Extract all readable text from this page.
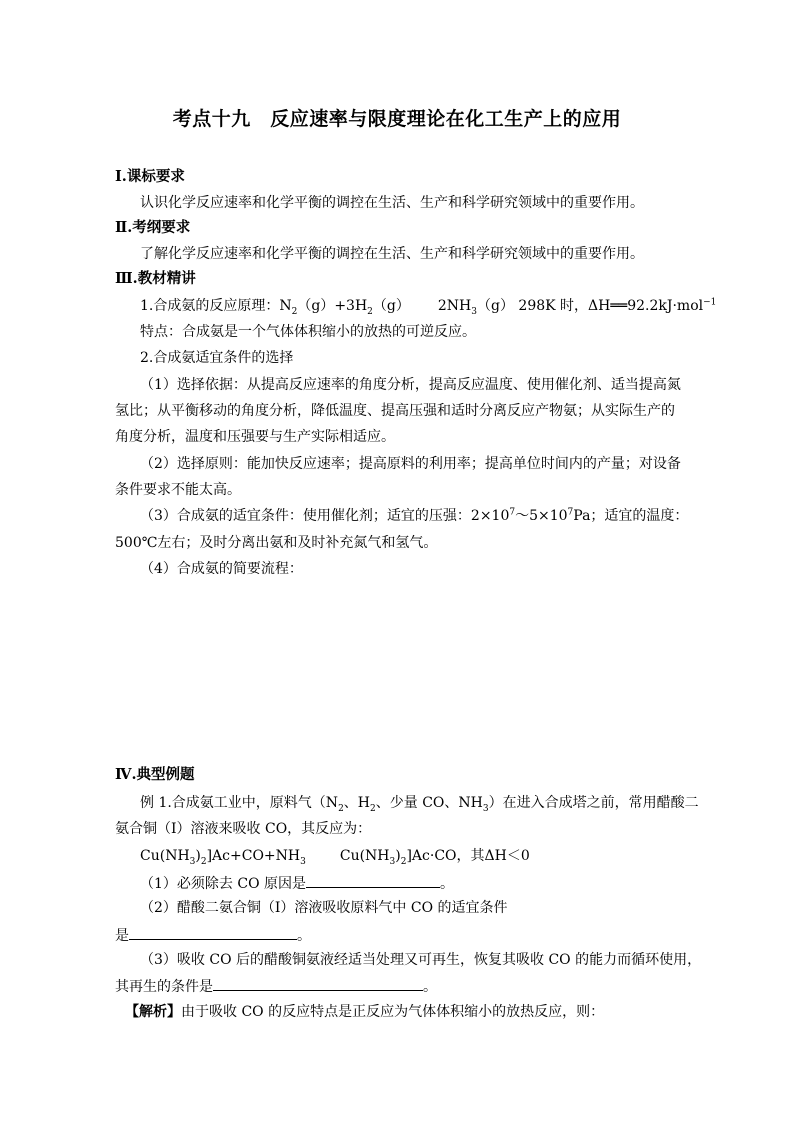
考点十九　反应速率与限度理论在化工生产上的应用
Ⅰ.课标要求
认识化学反应速率和化学平衡的调控在生活、生产和科学研究领域中的重要作用。
Ⅱ.考纲要求
了解化学反应速率和化学平衡的调控在生活、生产和科学研究领域中的重要作用。
Ⅲ.教材精讲
1.合成氨的反应原理：$N_2(g)+3H_2(g)$ $2NH_3(g)$ 298K 时，ΔH══92.2kJ·mol$^{-1}$
特点：合成氨是一个气体体积缩小的放热的可逆反应。
2.合成氨适宜条件的选择
（1）选择依据：从提高反应速率的角度分析，提高反应温度、使用催化剂、适当提高氮
氢比；从平衡移动的角度分析，降低温度、提高压强和适时分离反应产物氨；从实际生产的
角度分析，温度和压强要与生产实际相适应。
（2）选择原则：能加快反应速率；提高原料的利用率；提高单位时间内的产量；对设备
条件要求不能太高。
（3）合成氨的适宜条件：使用催化剂；适宜的压强：$2\times 10^7\sim 5\times 10^7Pa$；适宜的温度：
500℃左右；及时分离出氨和及时补充氮气和氢气。
（4）合成氨的简要流程：
Ⅳ.典型例题
例 1.合成氨工业中，原料气（$N_2$、$H_2$、少量 CO、$NH_3$）在进入合成塔之前，常用醋酸二
氨合铜（Ⅰ）溶液来吸收 CO，其反应为：
$Cu(NH_3)_2]Ac+CO+NH_3$ $Cu(NH_3)_2]Ac\cdot CO$，其ΔH＜0
（1）必须除去 CO 原因是	。
（2）醋酸二氨合铜（Ⅰ）溶液吸收原料气中 CO 的适宜条件
是	。
（3）吸收 CO 后的醋酸铜氨液经适当处理又可再生，恢复其吸收 CO 的能力而循环使用，
其再生的条件是	。
【解析】由于吸收 CO 的反应特点是正反应为气体体积缩小的放热反应，则：
